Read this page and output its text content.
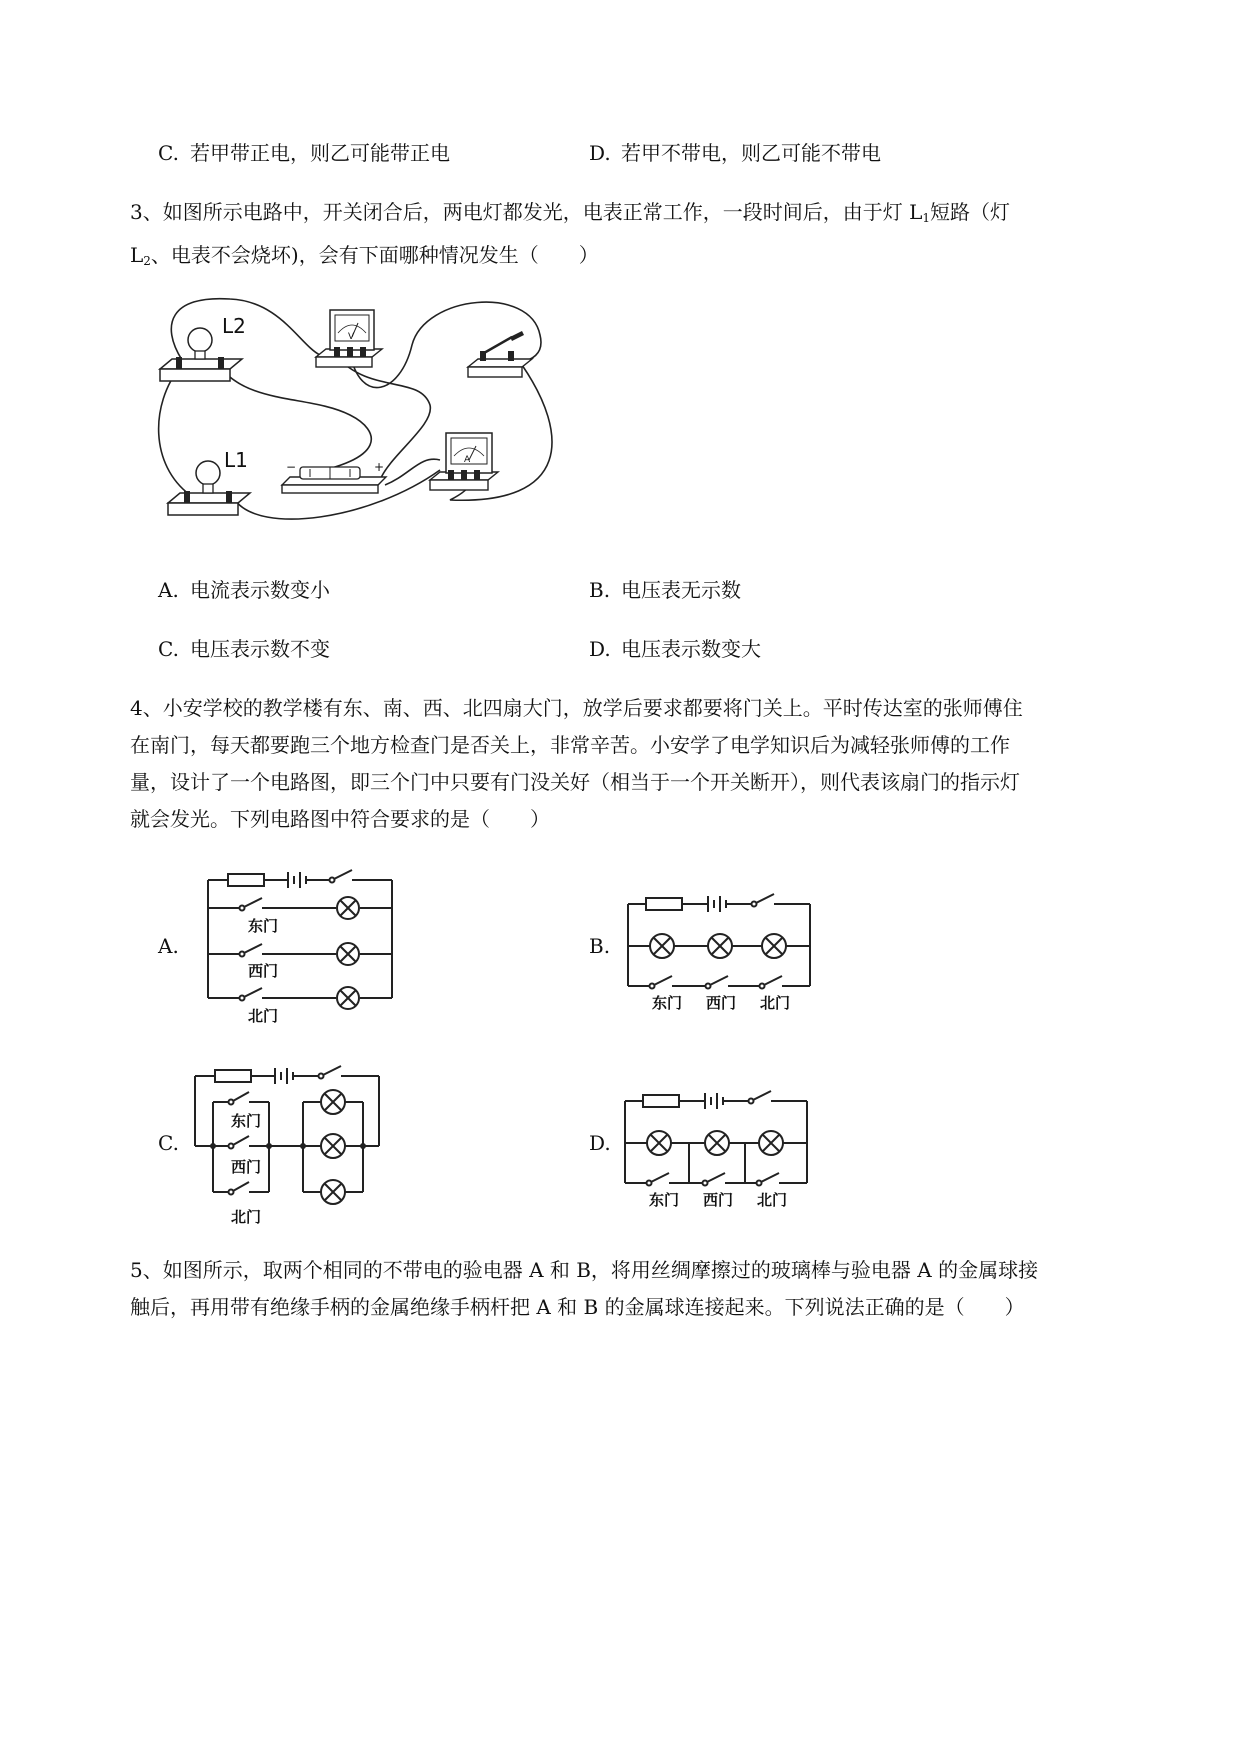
C. 若甲带正电，则乙可能带正电	D. 若甲不带电，则乙可能不带电
3、如图所示电路中，开关闭合后，两电灯都发光，电表正常工作，一段时间后，由于灯 $L_1$短路（灯
$L_2$、电表不会烧坏)，会有下面哪种情况发生（　　）
L2
L1
V
−	+	A
A. 电流表示数变小	B. 电压表无示数
C. 电压表示数不变	D. 电压表示数变大
4、小安学校的教学楼有东、南、西、北四扇大门，放学后要求都要将门关上。平时传达室的张师傅住
在南门，每天都要跑三个地方检查门是否关上，非常辛苦。小安学了电学知识后为减轻张师傅的工作
量，设计了一个电路图，即三个门中只要有门没关好（相当于一个开关断开），则代表该扇门的指示灯
就会发光。下列电路图中符合要求的是（　　）
A.
东门
西门
北门
B.
东门 西门 北门
C.
东门
西门
北门
D.
东门 西门 北门
5、如图所示，取两个相同的不带电的验电器 A 和 B，将用丝绸摩擦过的玻璃棒与验电器 A 的金属球接
触后，再用带有绝缘手柄的金属绝缘手柄杆把 A 和 B 的金属球连接起来。下列说法正确的是（　　）
